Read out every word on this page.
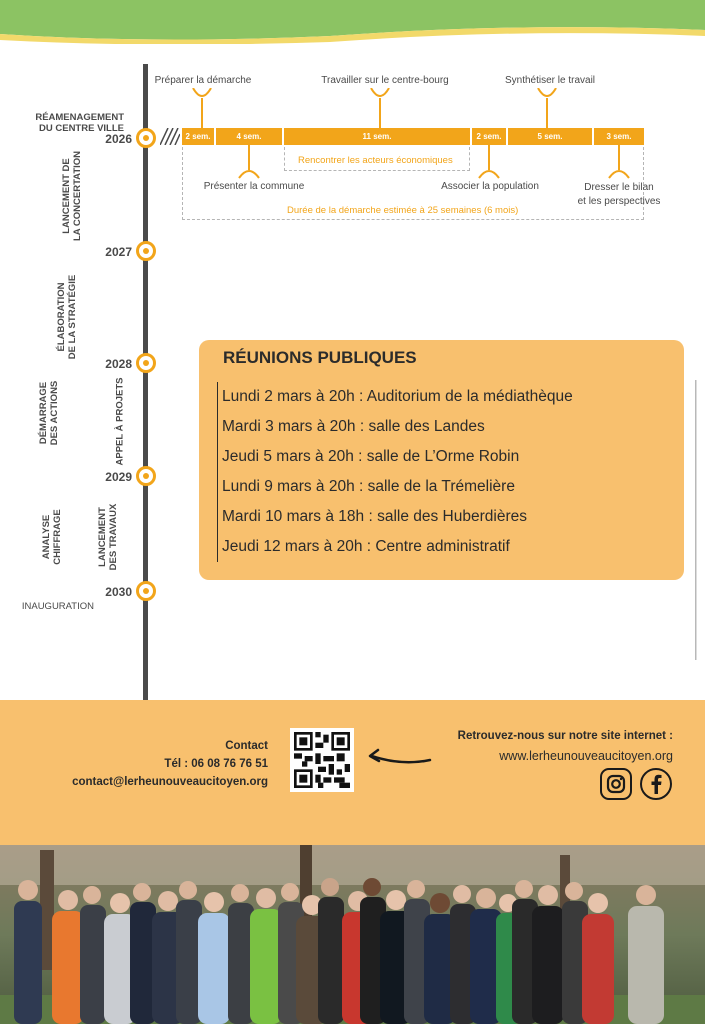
2026
2027
2028
2029
2030
RÉAMENAGEMENT
DU CENTRE VILLE
INAUGURATION
LANCEMENT DE
LA CONCERTATION
ÉLABORATION
DE LA STRATÉGIE
DÉMARRAGE
DES ACTIONS	APPEL À PROJETS
ANALYSE
CHIFFRAGE	LANCEMENT
DES TRAVAUX
2 sem.	4 sem.	11 sem.	2 sem.	5 sem.	3 sem.
Préparer la démarche	Travailler sur le centre-bourg	Synthétiser le travail
Rencontrer les acteurs économiques
Durée de la démarche estimée à 25 semaines (6 mois)
Présenter la commune	Associer la population	Dresser le bilan
et les perspectives
RÉUNIONS PUBLIQUES
Lundi 2 mars à 20h : Auditorium de la médiathèque
Mardi 3 mars à 20h : salle des Landes
Jeudi 5 mars à 20h : salle de L’Orme Robin
Lundi 9 mars à 20h : salle de la Trémelière
Mardi 10 mars à 18h : salle des Huberdières
Jeudi 12 mars à 20h : Centre administratif
Contact
Tél : 06 08 76 76 51
contact@lerheunouveaucitoyen.org
Retrouvez-nous sur notre site internet :
www.lerheunouveaucitoyen.org
